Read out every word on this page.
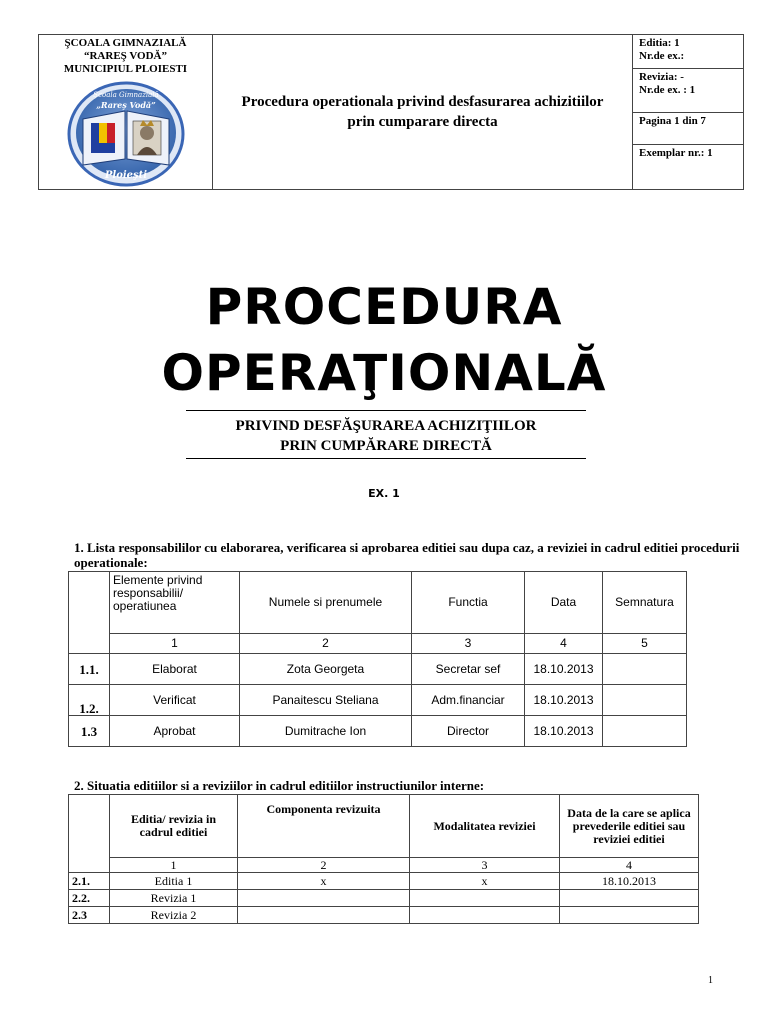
ŞCOALA GIMNAZIALĂ
“RAREŞ VODĂ”
MUNICIPIUL PLOIESTI
Şcoala Gimnazială
„Rareş Vodă”
Ploieşti
Procedura operationala privind desfasurarea achizitiilor prin cumparare directa
Editia: 1
Nr.de ex.:
Revizia: -
Nr.de ex. : 1
Pagina 1 din 7
Exemplar nr.: 1
PROCEDURA
OPERAŢIONALĂ
PRIVIND DESFĂŞURAREA ACHIZIŢIILOR
PRIN CUMPĂRARE DIRECTĂ
EX. 1
1. Lista responsabililor cu elaborarea, verificarea si aprobarea editiei sau dupa caz, a reviziei in cadrul editiei procedurii operationale:
	Elemente privind responsabilii/ operatiunea	Numele si prenumele	Functia	Data	Semnatura
	1	2	3	4	5
1.1.	Elaborat	Zota Georgeta	Secretar sef	18.10.2013	
1.2.	Verificat	Panaitescu Steliana	Adm.financiar	18.10.2013	
1.3	Aprobat	Dumitrache Ion	Director	18.10.2013	
2. Situatia editiilor si a reviziilor in cadrul editiilor instructiunilor interne:
	Editia/ revizia in cadrul editiei	Componenta revizuita	Modalitatea reviziei	Data de la care se aplica prevederile editiei sau reviziei editiei
	1	2	3	4
2.1.	Editia 1	x	x	18.10.2013
2.2.	Revizia 1			
2.3	Revizia 2			
1
